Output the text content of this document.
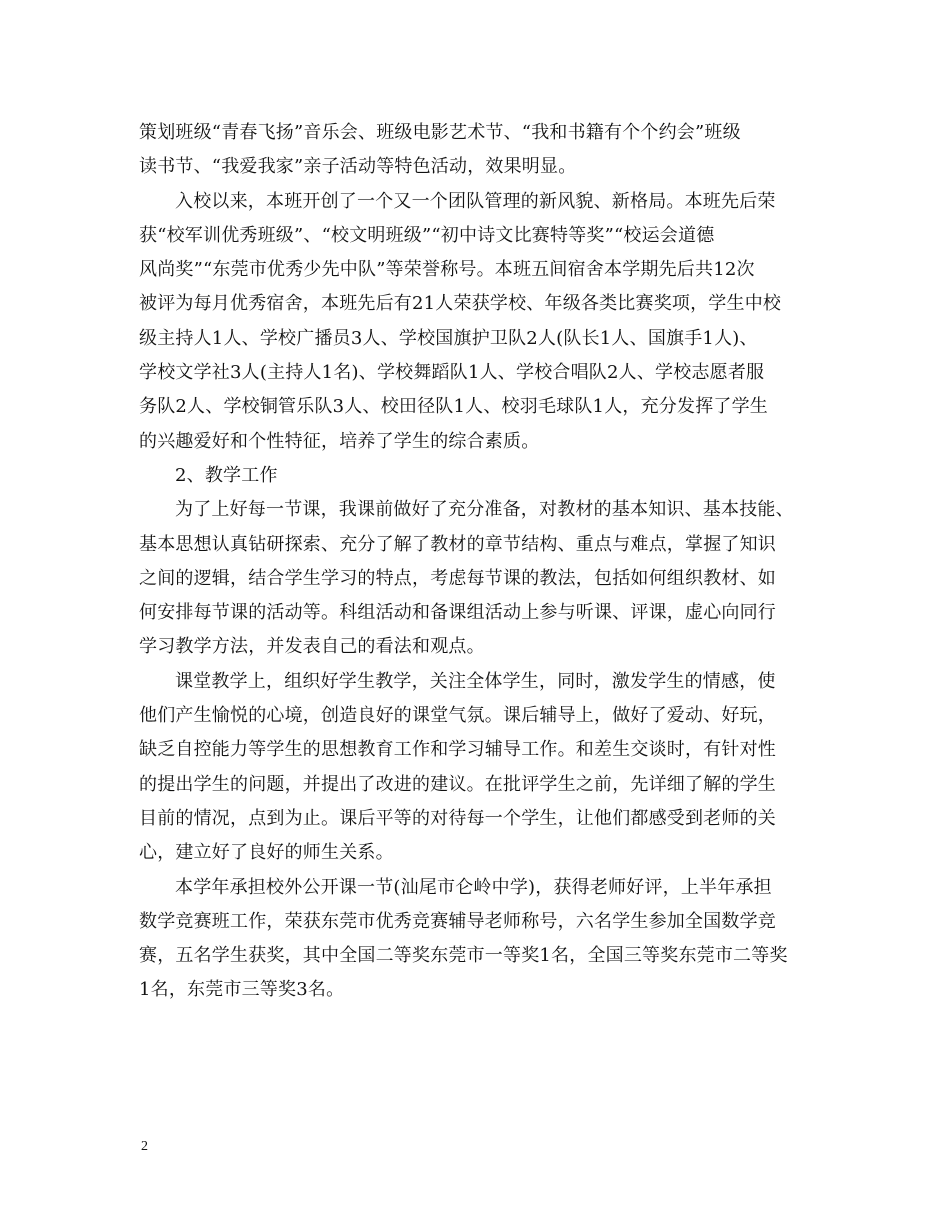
策划班级“青春飞扬”音乐会、班级电影艺术节、“我和书籍有个个约会”班级
读书节、“我爱我家”亲子活动等特色活动，效果明显。
入校以来，本班开创了一个又一个团队管理的新风貌、新格局。本班先后荣
获“校军训优秀班级”、“校文明班级”“初中诗文比赛特等奖”“校运会道德
风尚奖”“东莞市优秀少先中队”等荣誉称号。本班五间宿舍本学期先后共12次
被评为每月优秀宿舍，本班先后有21人荣获学校、年级各类比赛奖项，学生中校
级主持人1人、学校广播员3人、学校国旗护卫队2人(队长1人、国旗手1人)、
学校文学社3人(主持人1名)、学校舞蹈队1人、学校合唱队2人、学校志愿者服
务队2人、学校铜管乐队3人、校田径队1人、校羽毛球队1人，充分发挥了学生
的兴趣爱好和个性特征，培养了学生的综合素质。
2、教学工作
为了上好每一节课，我课前做好了充分准备，对教材的基本知识、基本技能、
基本思想认真钻研探索、充分了解了教材的章节结构、重点与难点，掌握了知识
之间的逻辑，结合学生学习的特点，考虑每节课的教法，包括如何组织教材、如
何安排每节课的活动等。科组活动和备课组活动上参与听课、评课，虚心向同行
学习教学方法，并发表自己的看法和观点。
课堂教学上，组织好学生教学，关注全体学生，同时，激发学生的情感，使
他们产生愉悦的心境，创造良好的课堂气氛。课后辅导上，做好了爱动、好玩，
缺乏自控能力等学生的思想教育工作和学习辅导工作。和差生交谈时，有针对性
的提出学生的问题，并提出了改进的建议。在批评学生之前，先详细了解的学生
目前的情况，点到为止。课后平等的对待每一个学生，让他们都感受到老师的关
心，建立好了良好的师生关系。
本学年承担校外公开课一节(汕尾市仑岭中学)，获得老师好评，上半年承担
数学竞赛班工作，荣获东莞市优秀竞赛辅导老师称号，六名学生参加全国数学竞
赛，五名学生获奖，其中全国二等奖东莞市一等奖1名，全国三等奖东莞市二等奖
1名，东莞市三等奖3名。
2
